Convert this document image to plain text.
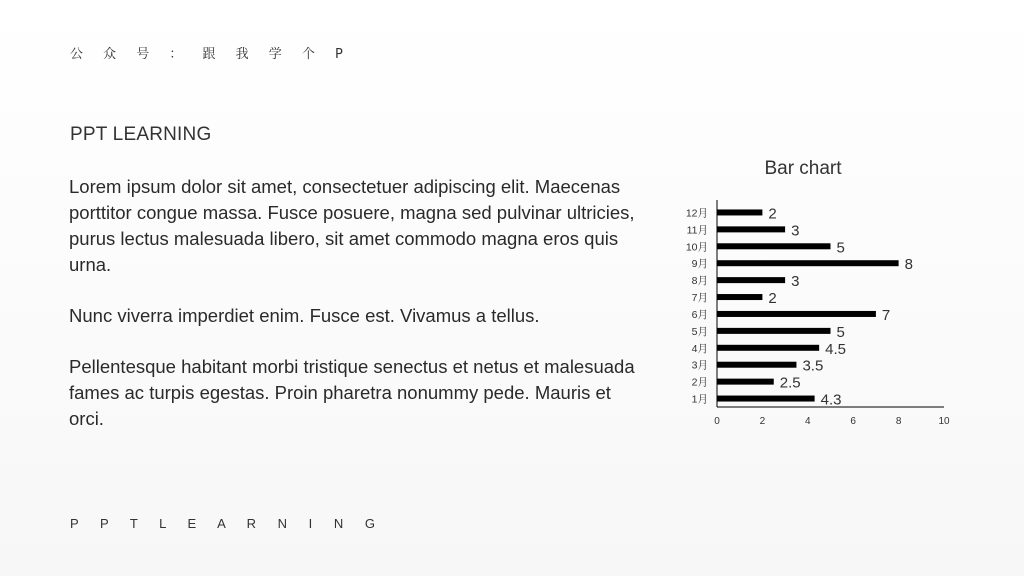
公 众 号 ： 跟 我 学 个 P
PPT LEARNING

Lorem ipsum dolor sit amet, consectetuer adipiscing elit. Maecenas porttitor congue massa. Fusce posuere, magna sed pulvinar ultricies, purus lectus malesuada libero, sit amet commodo magna eros quis urna.

Nunc viverra imperdiet enim. Fusce est. Vivamus a tellus.

Pellentesque habitant morbi tristique senectus et netus et malesuada fames ac turpis egestas. Proin pharetra nonummy pede. Mauris et orci.

Bar chart
0	2	4	6	8	10
1月	4.3
2月	2.5
3月	3.5
4月	4.5
5月	5
6月	7
7月	2
8月	3
9月	8
10月	5
11月	3
12月	2
P P T L E A R N I N G
